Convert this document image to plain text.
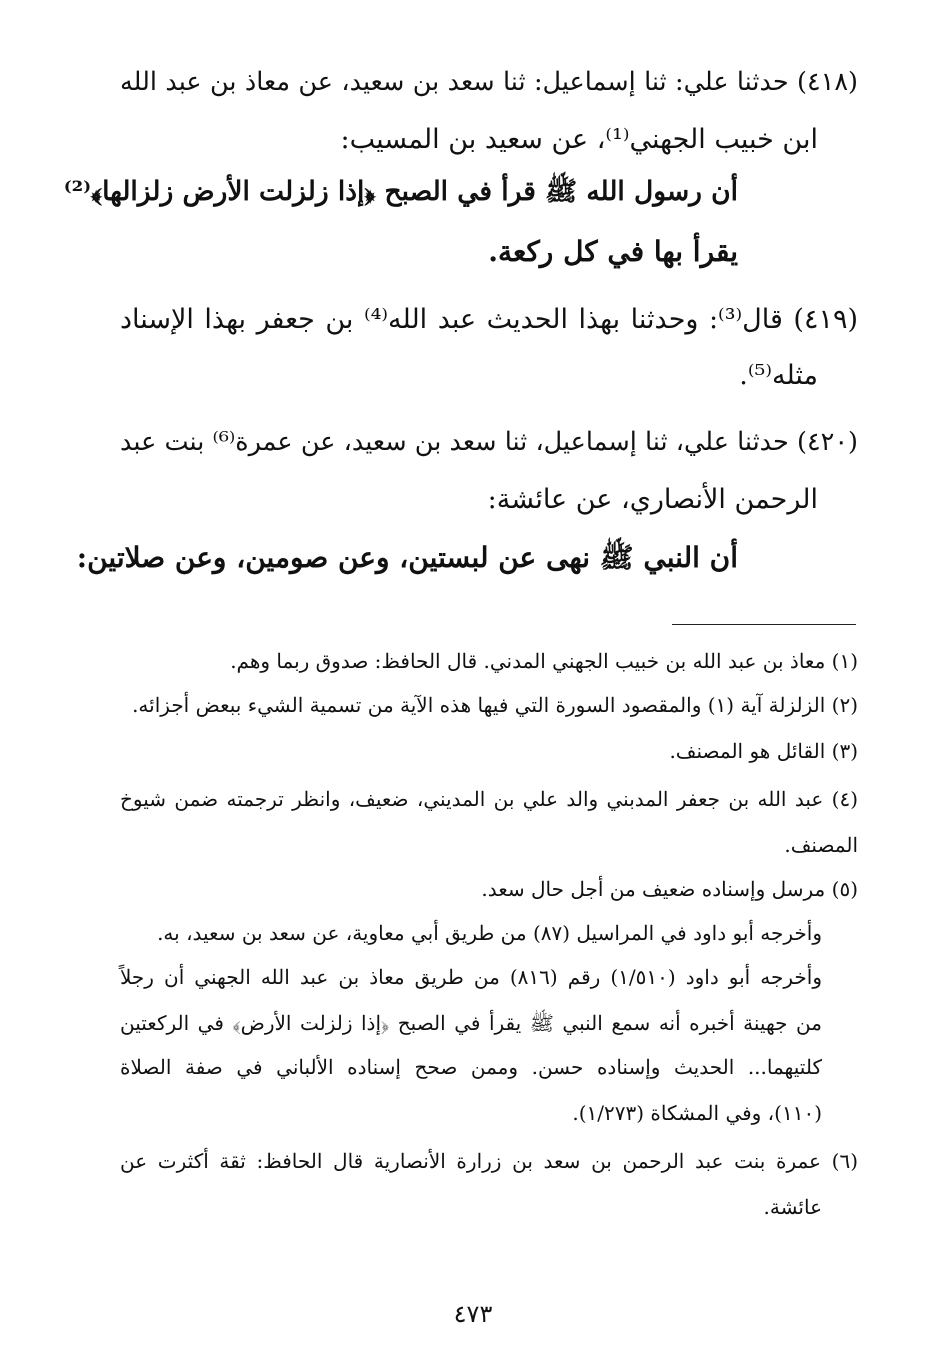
(٤١٨) حدثنا علي: ثنا إسماعيل: ثنا سعد بن سعيد، عن معاذ بن عبد الله
ابن خبيب الجهني⁽¹⁾، عن سعيد بن المسيب:
أن رسول الله ﷺ قرأ في الصبح ﴿إذا زلزلت الأرض زلزالها﴾⁽²⁾
يقرأ بها في كل ركعة.
(٤١٩) قال⁽³⁾: وحدثنا بهذا الحديث عبد الله⁽⁴⁾ بن جعفر بهذا الإسناد
مثله⁽⁵⁾.
(٤٢٠) حدثنا علي، ثنا إسماعيل، ثنا سعد بن سعيد، عن عمرة⁽⁶⁾ بنت عبد
الرحمن الأنصاري، عن عائشة:
أن النبي ﷺ نهى عن لبستين، وعن صومين، وعن صلاتين:
(١) معاذ بن عبد الله بن خبيب الجهني المدني. قال الحافظ: صدوق ربما وهم.
(٢) الزلزلة آية (١) والمقصود السورة التي فيها هذه الآية من تسمية الشيء ببعض أجزائه.
(٣) القائل هو المصنف.
(٤) عبد الله بن جعفر المدبني والد علي بن المديني، ضعيف، وانظر ترجمته ضمن شيوخ
المصنف.
(٥) مرسل وإسناده ضعيف من أجل حال سعد.
وأخرجه أبو داود في المراسيل (٨٧) من طريق أبي معاوية، عن سعد بن سعيد، به.
وأخرجه أبو داود (١/٥١٠) رقم (٨١٦) من طريق معاذ بن عبد الله الجهني أن رجلاً
من جهينة أخبره أنه سمع النبي ﷺ يقرأ في الصبح ﴿إذا زلزلت الأرض﴾ في الركعتين
كلتيهما... الحديث وإسناده حسن. وممن صحح إسناده الألباني في صفة الصلاة
(١١٠)، وفي المشكاة (١/٢٧٣).
(٦) عمرة بنت عبد الرحمن بن سعد بن زرارة الأنصارية قال الحافظ: ثقة أكثرت عن
عائشة.
٤٧٣
